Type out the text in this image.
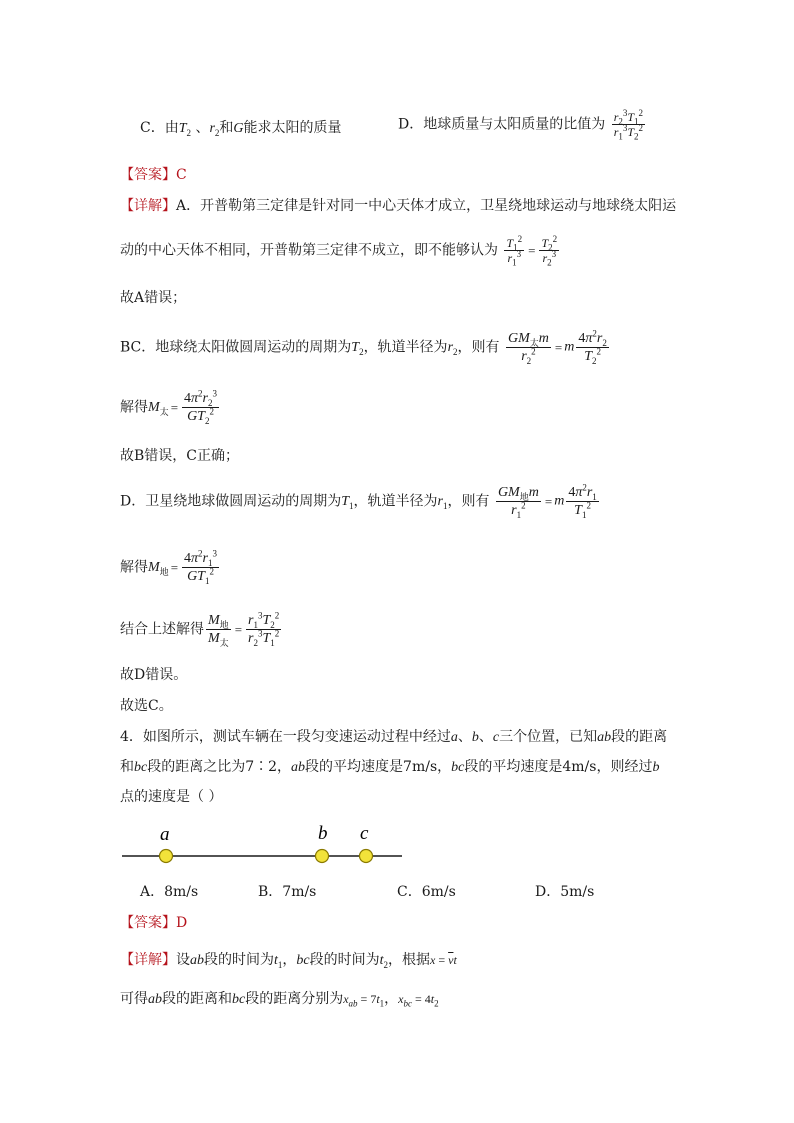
C．由$T_2$ 、$r_2$和G能求太阳的质量	D．地球质量与太阳质量的比值为 $\frac{r_2^3T_1^2}{r_1^3T_2^2}$
【答案】C
【详解】A．开普勒第三定律是针对同一中心天体才成立，卫星绕地球运动与地球绕太阳运
动的中心天体不相同，开普勒第三定律不成立，即不能够认为 $\frac{T_1^2}{r_1^3} = \frac{T_2^2}{r_2^3}$
故A错误；
BC．地球绕太阳做圆周运动的周期为$T_2$，轨道半径为$r_2$，则有 $\frac{GM_太m}{r_2^2} = m \frac{4\pi^2r_2}{T_2^2}$
解得$M_太 = \frac{4\pi^2r_2^3}{GT_2^2}$
故B错误，C正确；
D．卫星绕地球做圆周运动的周期为$T_1$，轨道半径为$r_1$，则有 $\frac{GM_地m}{r_1^2} = m \frac{4\pi^2r_1}{T_1^2}$
解得$M_地 = \frac{4\pi^2r_1^3}{GT_1^2}$
结合上述解得 $\frac{M_地}{M_太} = \frac{r_1^3T_2^2}{r_2^3T_1^2}$
故D错误。
故选C。
4．如图所示，测试车辆在一段匀变速运动过程中经过a、b、c三个位置，已知ab段的距离
和bc段的距离之比为7∶2，ab段的平均速度是7m/s，bc段的平均速度是4m/s，则经过b
点的速度是（ ）
a	b c
A．8m/s	B．7m/s	C．6m/s	D．5m/s
【答案】D
【详解】设ab段的时间为$t_1$，bc段的时间为$t_2$，根据$x = \overline{v}t$
可得ab段的距离和bc段的距离分别为$x_{ab} = 7t_1$，$x_{bc} = 4t_2$
